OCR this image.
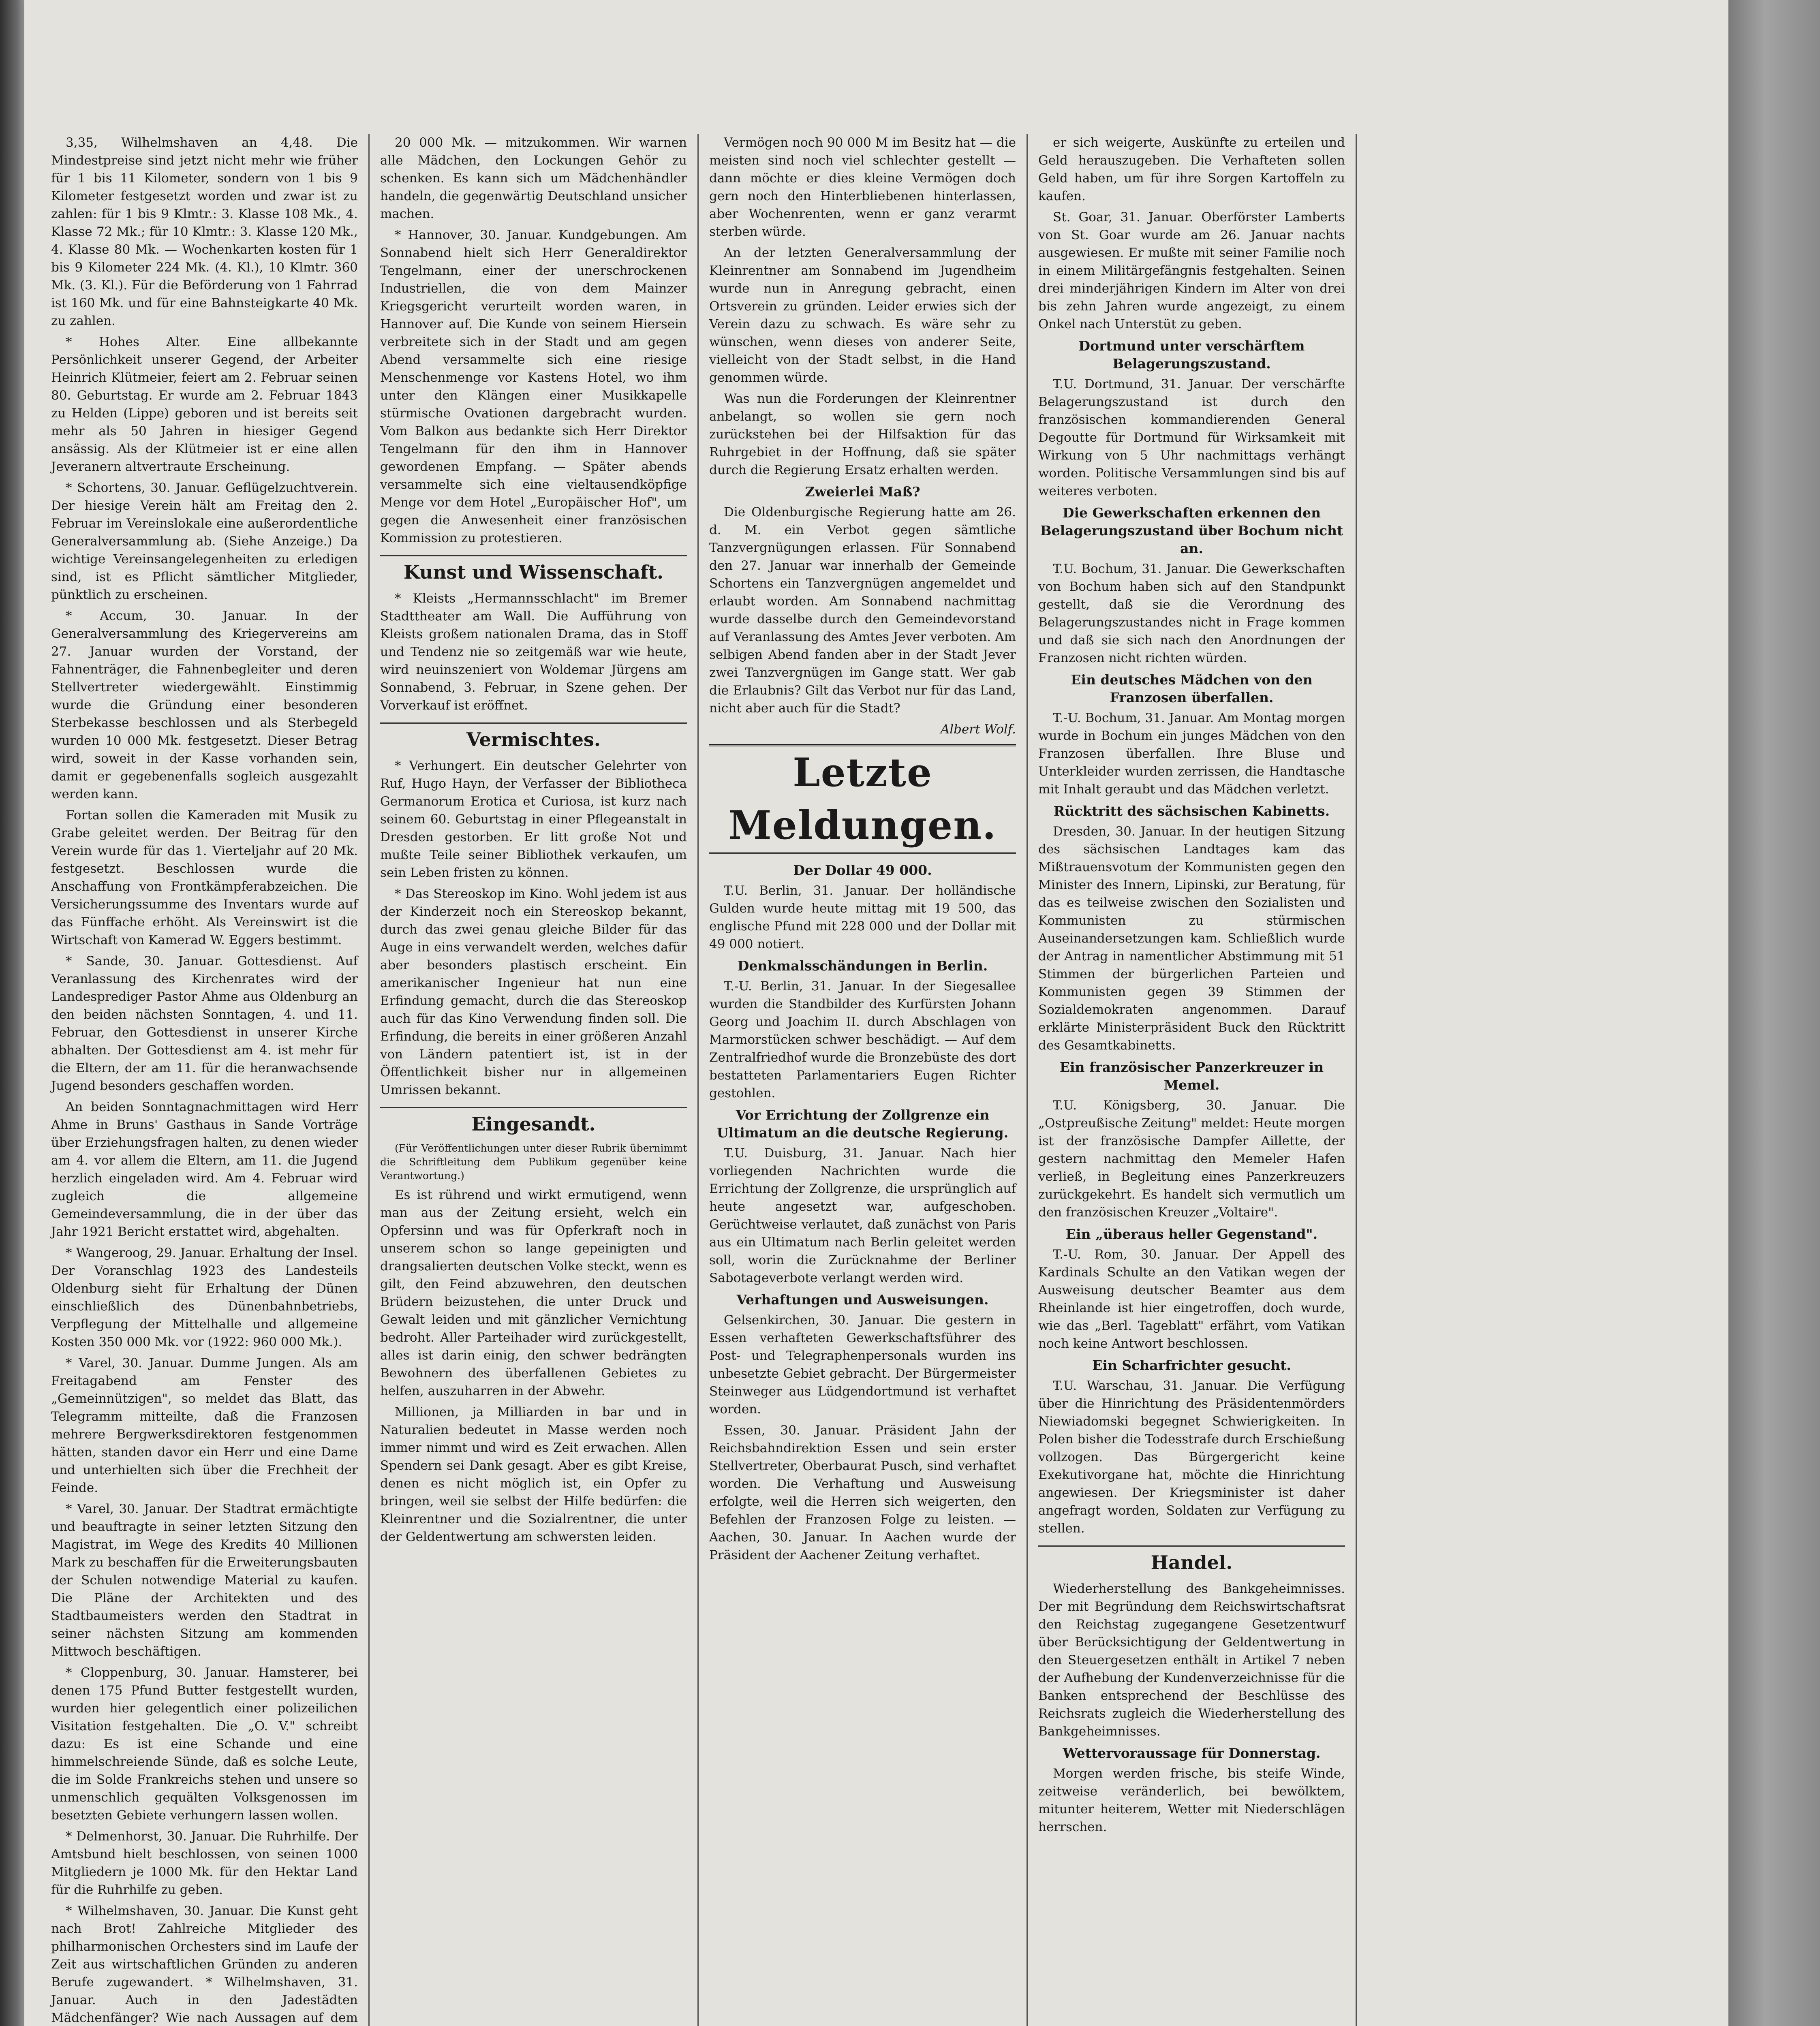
3,35, Wilhelmshaven an 4,48. Die Mindestpreise sind jetzt nicht mehr wie früher für 1 bis 11 Kilometer, sondern von 1 bis 9 Kilometer festgesetzt worden und zwar ist zu zahlen: für 1 bis 9 Klmtr.: 3. Klasse 108 Mk., 4. Klasse 72 Mk.; für 10 Klmtr.: 3. Klasse 120 Mk., 4. Klasse 80 Mk. — Wochenkarten kosten für 1 bis 9 Kilometer 224 Mk. (4. Kl.), 10 Klmtr. 360 Mk. (3. Kl.). Für die Beförderung von 1 Fahrrad ist 160 Mk. und für eine Bahnsteigkarte 40 Mk. zu zahlen.

* Hohes Alter. Eine allbekannte Persönlichkeit unserer Gegend, der Arbeiter Heinrich Klütmeier, feiert am 2. Februar seinen 80. Geburtstag. Er wurde am 2. Februar 1843 zu Helden (Lippe) geboren und ist bereits seit mehr als 50 Jahren in hiesiger Gegend ansässig. Als der Klütmeier ist er eine allen Jeveranern altvertraute Erscheinung.

* Schortens, 30. Januar. Geflügelzuchtverein. Der hiesige Verein hält am Freitag den 2. Februar im Vereinslokale eine außerordentliche Generalversammlung ab. (Siehe Anzeige.) Da wichtige Vereinsangelegenheiten zu erledigen sind, ist es Pflicht sämtlicher Mitglieder, pünktlich zu erscheinen.

* Accum, 30. Januar. In der Generalversammlung des Kriegervereins am 27. Januar wurden der Vorstand, der Fahnenträger, die Fahnenbegleiter und deren Stellvertreter wiedergewählt. Einstimmig wurde die Gründung einer besonderen Sterbekasse beschlossen und als Sterbegeld wurden 10 000 Mk. festgesetzt. Dieser Betrag wird, soweit in der Kasse vorhanden sein, damit er gegebenenfalls sogleich ausgezahlt werden kann.

Fortan sollen die Kameraden mit Musik zu Grabe geleitet werden. Der Beitrag für den Verein wurde für das 1. Vierteljahr auf 20 Mk. festgesetzt. Beschlossen wurde die Anschaffung von Frontkämpferabzeichen. Die Versicherungssumme des Inventars wurde auf das Fünffache erhöht. Als Vereinswirt ist die Wirtschaft von Kamerad W. Eggers bestimmt.

* Sande, 30. Januar. Gottesdienst. Auf Veranlassung des Kirchenrates wird der Landesprediger Pastor Ahme aus Oldenburg an den beiden nächsten Sonntagen, 4. und 11. Februar, den Gottesdienst in unserer Kirche abhalten. Der Gottesdienst am 4. ist mehr für die Eltern, der am 11. für die heranwachsende Jugend besonders geschaffen worden.

An beiden Sonntagnachmittagen wird Herr Ahme in Bruns' Gasthaus in Sande Vorträge über Erziehungsfragen halten, zu denen wieder am 4. vor allem die Eltern, am 11. die Jugend herzlich eingeladen wird. Am 4. Februar wird zugleich die allgemeine Gemeindeversammlung, die in der über das Jahr 1921 Bericht erstattet wird, abgehalten.

* Wangeroog, 29. Januar. Erhaltung der Insel. Der Voranschlag 1923 des Landesteils Oldenburg sieht für Erhaltung der Dünen einschließlich des Dünenbahnbetriebs, Verpflegung der Mittelhalle und allgemeine Kosten 350 000 Mk. vor (1922: 960 000 Mk.).

* Varel, 30. Januar. Dumme Jungen. Als am Freitagabend am Fenster des „Gemeinnützigen", so meldet das Blatt, das Telegramm mitteilte, daß die Franzosen mehrere Bergwerksdirektoren festgenommen hätten, standen davor ein Herr und eine Dame und unterhielten sich über die Frechheit der Feinde.

* Varel, 30. Januar. Der Stadtrat ermächtigte und beauftragte in seiner letzten Sitzung den Magistrat, im Wege des Kredits 40 Millionen Mark zu beschaffen für die Erweiterungsbauten der Schulen notwendige Material zu kaufen. Die Pläne der Architekten und des Stadtbaumeisters werden den Stadtrat in seiner nächsten Sitzung am kommenden Mittwoch beschäftigen.

* Cloppenburg, 30. Januar. Hamsterer, bei denen 175 Pfund Butter festgestellt wurden, wurden hier gelegentlich einer polizeilichen Visitation festgehalten. Die „O. V." schreibt dazu: Es ist eine Schande und eine himmelschreiende Sünde, daß es solche Leute, die im Solde Frankreichs stehen und unsere so unmenschlich gequälten Volksgenossen im besetzten Gebiete verhungern lassen wollen.

* Delmenhorst, 30. Januar. Die Ruhrhilfe. Der Amtsbund hielt beschlossen, von seinen 1000 Mitgliedern je 1000 Mk. für den Hektar Land für die Ruhrhilfe zu geben.

* Wilhelmshaven, 30. Januar. Die Kunst geht nach Brot! Zahlreiche Mitglieder des philharmonischen Orchesters sind im Laufe der Zeit aus wirtschaftlichen Gründen zu anderen Berufe zugewandert. * Wilhelmshaven, 31. Januar. Auch in den Jadestädten Mädchenfänger? Wie nach Aussagen auf dem

20 000 Mk. — mitzukommen. Wir warnen alle Mädchen, den Lockungen Gehör zu schenken. Es kann sich um Mädchenhändler handeln, die gegenwärtig Deutschland unsicher machen.

* Hannover, 30. Januar. Kundgebungen. Am Sonnabend hielt sich Herr Generaldirektor Tengelmann, einer der unerschrockenen Industriellen, die von dem Mainzer Kriegsgericht verurteilt worden waren, in Hannover auf. Die Kunde von seinem Hiersein verbreitete sich in der Stadt und am gegen Abend versammelte sich eine riesige Menschenmenge vor Kastens Hotel, wo ihm unter den Klängen einer Musikkapelle stürmische Ovationen dargebracht wurden. Vom Balkon aus bedankte sich Herr Direktor Tengelmann für den ihm in Hannover gewordenen Empfang. — Später abends versammelte sich eine vieltausendköpfige Menge vor dem Hotel „Europäischer Hof", um gegen die Anwesenheit einer französischen Kommission zu protestieren.

Kunst und Wissenschaft.

* Kleists „Hermannsschlacht" im Bremer Stadttheater am Wall. Die Aufführung von Kleists großem nationalen Drama, das in Stoff und Tendenz nie so zeitgemäß war wie heute, wird neuinszeniert von Woldemar Jürgens am Sonnabend, 3. Februar, in Szene gehen. Der Vorverkauf ist eröffnet.

Vermischtes.

* Verhungert. Ein deutscher Gelehrter von Ruf, Hugo Hayn, der Verfasser der Bibliotheca Germanorum Erotica et Curiosa, ist kurz nach seinem 60. Geburtstag in einer Pflegeanstalt in Dresden gestorben. Er litt große Not und mußte Teile seiner Bibliothek verkaufen, um sein Leben fristen zu können.

* Das Stereoskop im Kino. Wohl jedem ist aus der Kinderzeit noch ein Stereoskop bekannt, durch das zwei genau gleiche Bilder für das Auge in eins verwandelt werden, welches dafür aber besonders plastisch erscheint. Ein amerikanischer Ingenieur hat nun eine Erfindung gemacht, durch die das Stereoskop auch für das Kino Verwendung finden soll. Die Erfindung, die bereits in einer größeren Anzahl von Ländern patentiert ist, ist in der Öffentlichkeit bisher nur in allgemeinen Umrissen bekannt.

Eingesandt.

(Für Veröffentlichungen unter dieser Rubrik übernimmt die Schriftleitung dem Publikum gegenüber keine Verantwortung.)

Es ist rührend und wirkt ermutigend, wenn man aus der Zeitung ersieht, welch ein Opfersinn und was für Opferkraft noch in unserem schon so lange gepeinigten und drangsalierten deutschen Volke steckt, wenn es gilt, den Feind abzuwehren, den deutschen Brüdern beizustehen, die unter Druck und Gewalt leiden und mit gänzlicher Vernichtung bedroht. Aller Parteihader wird zurückgestellt, alles ist darin einig, den schwer bedrängten Bewohnern des überfallenen Gebietes zu helfen, auszuharren in der Abwehr.

Millionen, ja Milliarden in bar und in Naturalien bedeutet in Masse werden noch immer nimmt und wird es Zeit erwachen. Allen Spendern sei Dank gesagt. Aber es gibt Kreise, denen es nicht möglich ist, ein Opfer zu bringen, weil sie selbst der Hilfe bedürfen: die Kleinrentner und die Sozialrentner, die unter der Geldentwertung am schwersten leiden.

Vermögen noch 90 000 M im Besitz hat — die meisten sind noch viel schlechter gestellt — dann möchte er dies kleine Vermögen doch gern noch den Hinterbliebenen hinterlassen, aber Wochenrenten, wenn er ganz verarmt sterben würde.

An der letzten Generalversammlung der Kleinrentner am Sonnabend im Jugendheim wurde nun in Anregung gebracht, einen Ortsverein zu gründen. Leider erwies sich der Verein dazu zu schwach. Es wäre sehr zu wünschen, wenn dieses von anderer Seite, vielleicht von der Stadt selbst, in die Hand genommen würde.

Was nun die Forderungen der Kleinrentner anbelangt, so wollen sie gern noch zurückstehen bei der Hilfsaktion für das Ruhrgebiet in der Hoffnung, daß sie später durch die Regierung Ersatz erhalten werden.

Zweierlei Maß?

Die Oldenburgische Regierung hatte am 26. d. M. ein Verbot gegen sämtliche Tanzvergnügungen erlassen. Für Sonnabend den 27. Januar war innerhalb der Gemeinde Schortens ein Tanzvergnügen angemeldet und erlaubt worden. Am Sonnabend nachmittag wurde dasselbe durch den Gemeindevorstand auf Veranlassung des Amtes Jever verboten. Am selbigen Abend fanden aber in der Stadt Jever zwei Tanzvergnügen im Gange statt. Wer gab die Erlaubnis? Gilt das Verbot nur für das Land, nicht aber auch für die Stadt?

Albert Wolf.
Letzte Meldungen.
Der Dollar 49 000.

T.U. Berlin, 31. Januar. Der holländische Gulden wurde heute mittag mit 19 500, das englische Pfund mit 228 000 und der Dollar mit 49 000 notiert.

Denkmalsschändungen in Berlin.

T.-U. Berlin, 31. Januar. In der Siegesallee wurden die Standbilder des Kurfürsten Johann Georg und Joachim II. durch Abschlagen von Marmorstücken schwer beschädigt. — Auf dem Zentralfriedhof wurde die Bronzebüste des dort bestatteten Parlamentariers Eugen Richter gestohlen.

Vor Errichtung der Zollgrenze ein Ultimatum an die deutsche Regierung.

T.U. Duisburg, 31. Januar. Nach hier vorliegenden Nachrichten wurde die Errichtung der Zollgrenze, die ursprünglich auf heute angesetzt war, aufgeschoben. Gerüchtweise verlautet, daß zunächst von Paris aus ein Ultimatum nach Berlin geleitet werden soll, worin die Zurücknahme der Berliner Sabotageverbote verlangt werden wird.

Verhaftungen und Ausweisungen.

Gelsenkirchen, 30. Januar. Die gestern in Essen verhafteten Gewerkschaftsführer des Post- und Telegraphenpersonals wurden ins unbesetzte Gebiet gebracht. Der Bürgermeister Steinweger aus Lüdgendortmund ist verhaftet worden.

Essen, 30. Januar. Präsident Jahn der Reichsbahndirektion Essen und sein erster Stellvertreter, Oberbaurat Pusch, sind verhaftet worden. Die Verhaftung und Ausweisung erfolgte, weil die Herren sich weigerten, den Befehlen der Franzosen Folge zu leisten. — Aachen, 30. Januar. In Aachen wurde der Präsident der Aachener Zeitung verhaftet.

er sich weigerte, Auskünfte zu erteilen und Geld herauszugeben. Die Verhafteten sollen Geld haben, um für ihre Sorgen Kartoffeln zu kaufen.

St. Goar, 31. Januar. Oberförster Lamberts von St. Goar wurde am 26. Januar nachts ausgewiesen. Er mußte mit seiner Familie noch in einem Militärgefängnis festgehalten. Seinen drei minderjährigen Kindern im Alter von drei bis zehn Jahren wurde angezeigt, zu einem Onkel nach Unterstüt zu geben.

Dortmund unter verschärftem Belagerungszustand.

T.U. Dortmund, 31. Januar. Der verschärfte Belagerungszustand ist durch den französischen kommandierenden General Degoutte für Dortmund für Wirksamkeit mit Wirkung von 5 Uhr nachmittags verhängt worden. Politische Versammlungen sind bis auf weiteres verboten.

Die Gewerkschaften erkennen den Belagerungszustand über Bochum nicht an.

T.U. Bochum, 31. Januar. Die Gewerkschaften von Bochum haben sich auf den Standpunkt gestellt, daß sie die Verordnung des Belagerungszustandes nicht in Frage kommen und daß sie sich nach den Anordnungen der Franzosen nicht richten würden.

Ein deutsches Mädchen von den Franzosen überfallen.

T.-U. Bochum, 31. Januar. Am Montag morgen wurde in Bochum ein junges Mädchen von den Franzosen überfallen. Ihre Bluse und Unterkleider wurden zerrissen, die Handtasche mit Inhalt geraubt und das Mädchen verletzt.

Rücktritt des sächsischen Kabinetts.

Dresden, 30. Januar. In der heutigen Sitzung des sächsischen Landtages kam das Mißtrauensvotum der Kommunisten gegen den Minister des Innern, Lipinski, zur Beratung, für das es teilweise zwischen den Sozialisten und Kommunisten zu stürmischen Auseinandersetzungen kam. Schließlich wurde der Antrag in namentlicher Abstimmung mit 51 Stimmen der bürgerlichen Parteien und Kommunisten gegen 39 Stimmen der Sozialdemokraten angenommen. Darauf erklärte Ministerpräsident Buck den Rücktritt des Gesamtkabinetts.

Ein französischer Panzerkreuzer in Memel.

T.U. Königsberg, 30. Januar. Die „Ostpreußische Zeitung" meldet: Heute morgen ist der französische Dampfer Aillette, der gestern nachmittag den Memeler Hafen verließ, in Begleitung eines Panzerkreuzers zurückgekehrt. Es handelt sich vermutlich um den französischen Kreuzer „Voltaire".

Ein „überaus heller Gegenstand".

T.-U. Rom, 30. Januar. Der Appell des Kardinals Schulte an den Vatikan wegen der Ausweisung deutscher Beamter aus dem Rheinlande ist hier eingetroffen, doch wurde, wie das „Berl. Tageblatt" erfährt, vom Vatikan noch keine Antwort beschlossen.

Ein Scharfrichter gesucht.

T.U. Warschau, 31. Januar. Die Verfügung über die Hinrichtung des Präsidentenmörders Niewiadomski begegnet Schwierigkeiten. In Polen bisher die Todesstrafe durch Erschießung vollzogen. Das Bürgergericht keine Exekutivorgane hat, möchte die Hinrichtung angewiesen. Der Kriegsminister ist daher angefragt worden, Soldaten zur Verfügung zu stellen.

Handel.

Wiederherstellung des Bankgeheimnisses. Der mit Begründung dem Reichswirtschaftsrat den Reichstag zugegangene Gesetzentwurf über Berücksichtigung der Geldentwertung in den Steuergesetzen enthält in Artikel 7 neben der Aufhebung der Kundenverzeichnisse für die Banken entsprechend der Beschlüsse des Reichsrats zugleich die Wiederherstellung des Bankgeheimnisses.

Wettervoraussage für Donnerstag.

Morgen werden frische, bis steife Winde, zeitweise veränderlich, bei bewölktem, mitunter heiterem, Wetter mit Niederschlägen herrschen.
